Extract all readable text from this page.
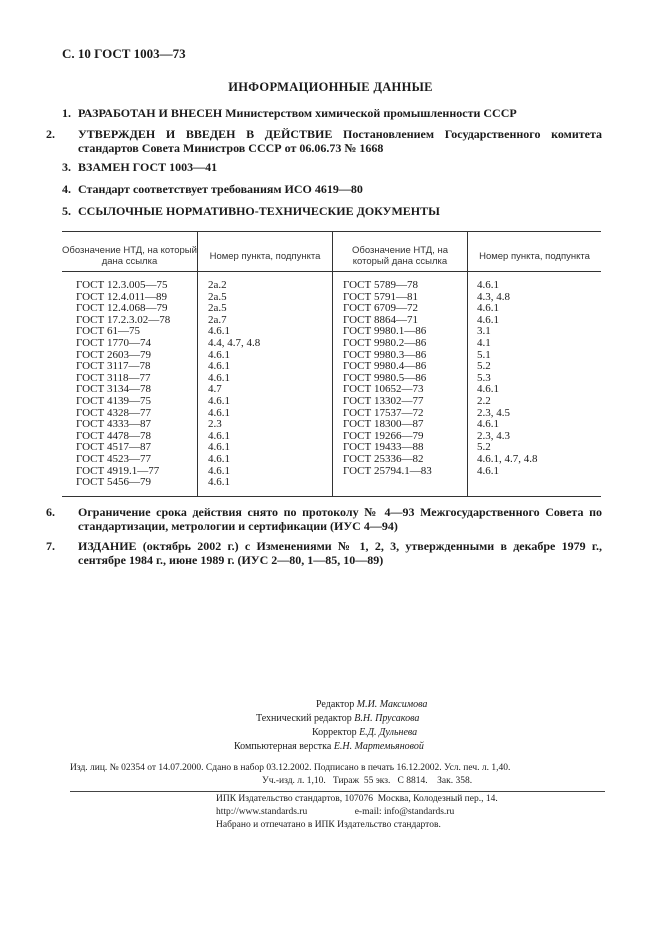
С. 10 ГОСТ 1003—73
ИНФОРМАЦИОННЫЕ ДАННЫЕ
1. РАЗРАБОТАН И ВНЕСЕН Министерством химической промышленности СССР
2. УТВЕРЖДЕН И ВВЕДЕН В ДЕЙСТВИЕ Постановлением Государственного комитета стандартов Совета Министров СССР от 06.06.73 № 1668
3. ВЗАМЕН ГОСТ 1003—41
4. Стандарт соответствует требованиям ИСО 4619—80
5. ССЫЛОЧНЫЕ НОРМАТИВНО-ТЕХНИЧЕСКИЕ ДОКУМЕНТЫ
Обозначение НТД, на который дана ссылка	Номер пункта, подпункта
Обозначение НТД, на который дана ссылка	Номер пункта, подпункта
ГОСТ 12.3.005—75
ГОСТ 12.4.011—89
ГОСТ 12.4.068—79
ГОСТ 17.2.3.02—78
ГОСТ 61—75
ГОСТ 1770—74
ГОСТ 2603—79
ГОСТ 3117—78
ГОСТ 3118—77
ГОСТ 3134—78
ГОСТ 4139—75
ГОСТ 4328—77
ГОСТ 4333—87
ГОСТ 4478—78
ГОСТ 4517—87
ГОСТ 4523—77
ГОСТ 4919.1—77
ГОСТ 5456—79
2а.2
2а.5
2а.5
2а.7
4.6.1
4.4, 4.7, 4.8
4.6.1
4.6.1
4.6.1
4.7
4.6.1
4.6.1
2.3
4.6.1
4.6.1
4.6.1
4.6.1
4.6.1
ГОСТ 5789—78
ГОСТ 5791—81
ГОСТ 6709—72
ГОСТ 8864—71
ГОСТ 9980.1—86
ГОСТ 9980.2—86
ГОСТ 9980.3—86
ГОСТ 9980.4—86
ГОСТ 9980.5—86
ГОСТ 10652—73
ГОСТ 13302—77
ГОСТ 17537—72
ГОСТ 18300—87
ГОСТ 19266—79
ГОСТ 19433—88
ГОСТ 25336—82
ГОСТ 25794.1—83
4.6.1
4.3, 4.8
4.6.1
4.6.1
3.1
4.1
5.1
5.2
5.3
4.6.1
2.2
2.3, 4.5
4.6.1
2.3, 4.3
5.2
4.6.1, 4.7, 4.8
4.6.1
6. Ограничение срока действия снято по протоколу № 4—93 Межгосударственного Совета по стандартизации, метрологии и сертификации (ИУС 4—94)
7. ИЗДАНИЕ (октябрь 2002 г.) с Изменениями № 1, 2, 3, утвержденными в декабре 1979 г., сентябре 1984 г., июне 1989 г. (ИУС 2—80, 1—85, 10—89)
Редактор М.И. Максимова
Технический редактор В.Н. Прусакова
Корректор Е.Д. Дульнева
Компьютерная верстка Е.Н. Мартемьяновой
Изд. лиц. № 02354 от 14.07.2000. Сдано в набор 03.12.2002. Подписано в печать 16.12.2002. Усл. печ. л. 1,40.
Уч.-изд. л. 1,10.   Тираж  55 экз.   С 8814.    Зак. 358.
ИПК Издательство стандартов, 107076  Москва, Колодезный пер., 14.
http://www.standards.ru                    e-mail: info@standards.ru
Набрано и отпечатано в ИПК Издательство стандартов.
